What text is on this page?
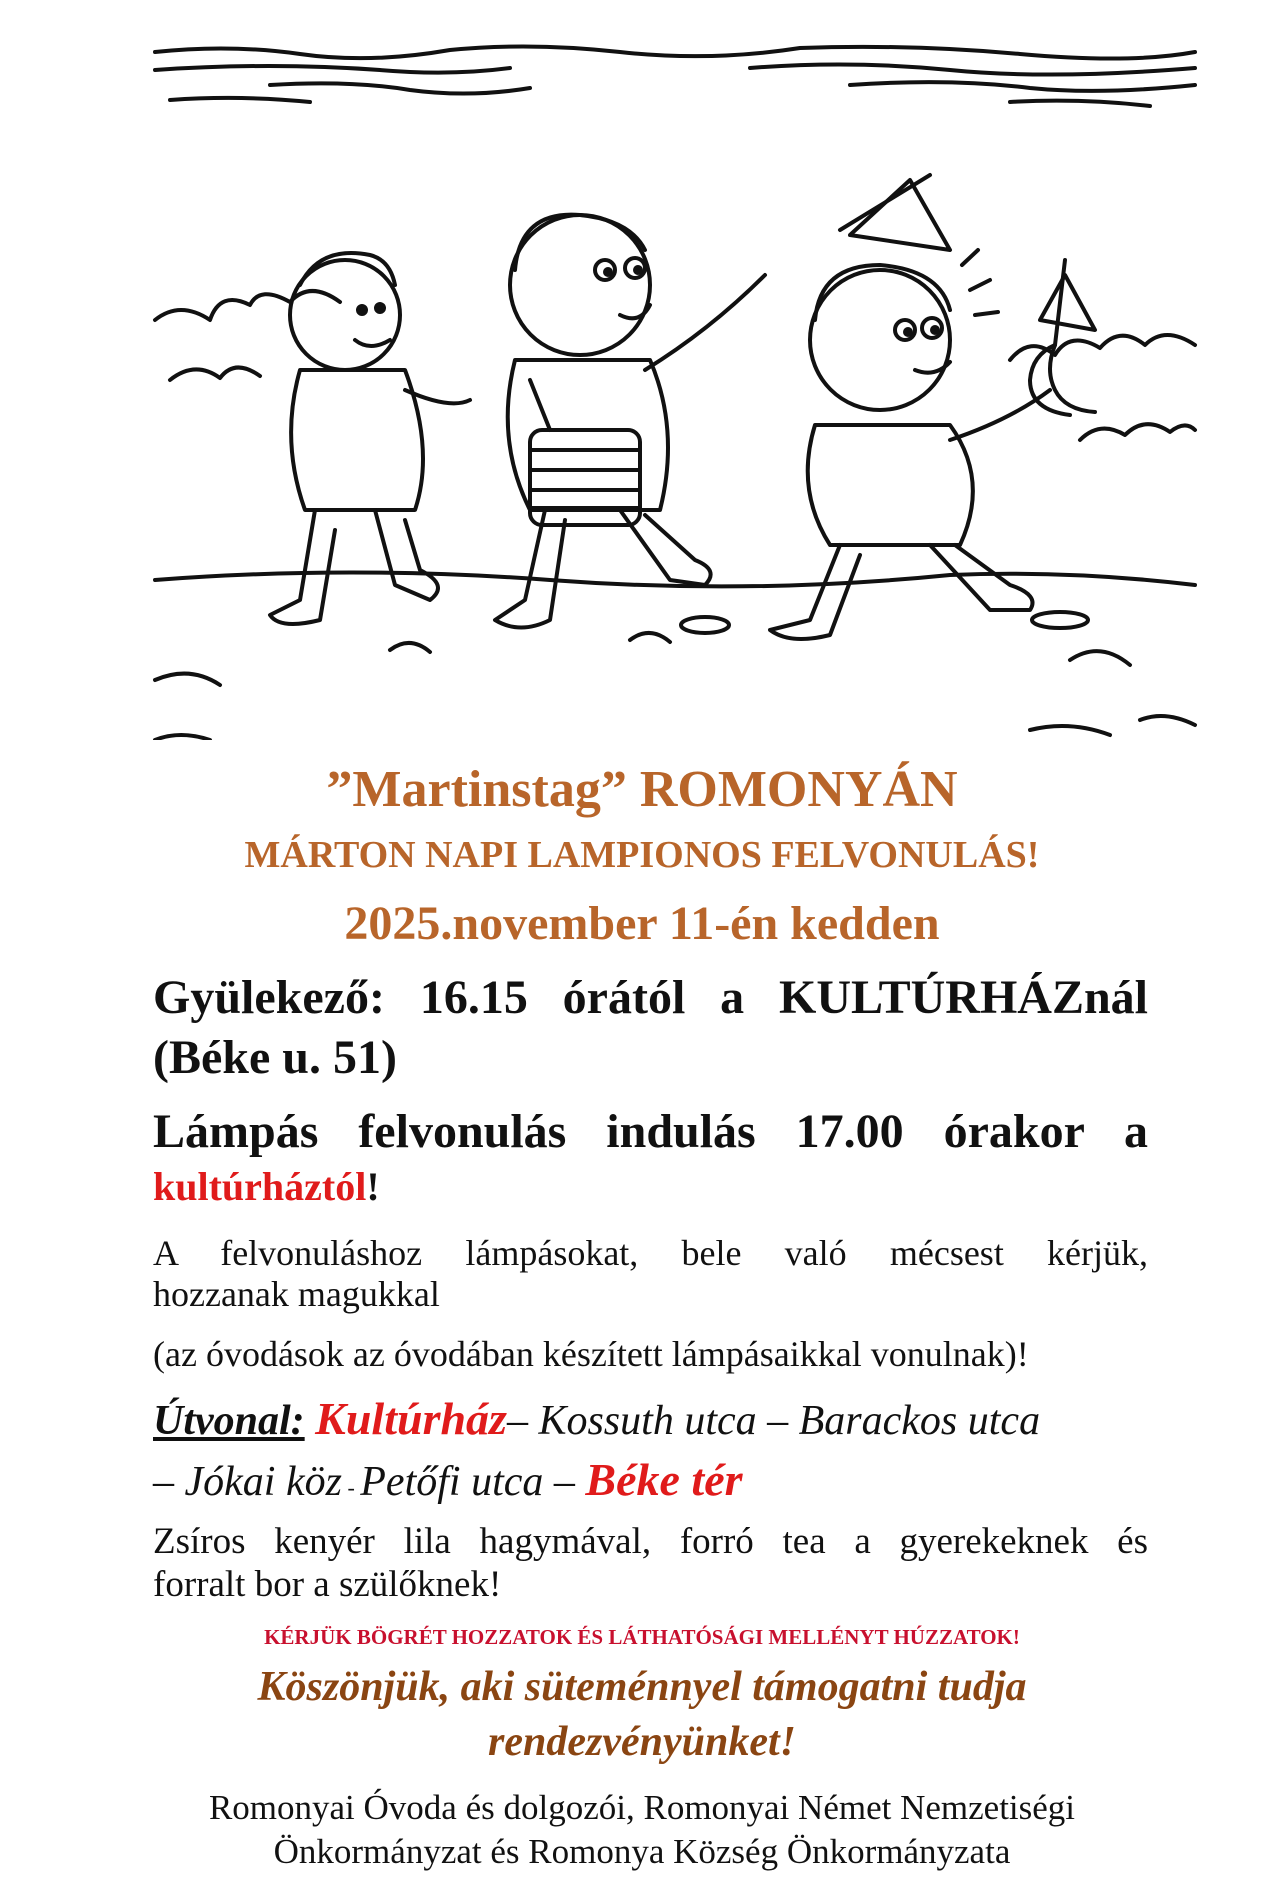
”Martinstag” ROMONYÁN

MÁRTON NAPI LAMPIONOS FELVONULÁS!

2025.november 11-én kedden

Gyülekező: 16.15 órától a KULTÚRHÁZnál

(Béke u. 51)

Lámpás felvonulás indulás 17.00 órakor a

kultúrháztól!

A felvonuláshoz lámpásokat, bele való mécsest kérjük,

hozzanak magukkal

(az óvodások az óvodában készített lámpásaikkal vonulnak)!

Útvonal: Kultúrház– Kossuth utca – Barackos utca

– Jókai köz - Petőfi utca – Béke tér

Zsíros kenyér lila hagymával, forró tea a gyerekeknek és

forralt bor a szülőknek!

KÉRJÜK BÖGRÉT HOZZATOK ÉS LÁTHATÓSÁGI MELLÉNYT HÚZZATOK!

Köszönjük, aki süteménnyel támogatni tudja

rendezvényünket!

Romonyai Óvoda és dolgozói, Romonyai Német Nemzetiségi

Önkormányzat és Romonya Község Önkormányzata
